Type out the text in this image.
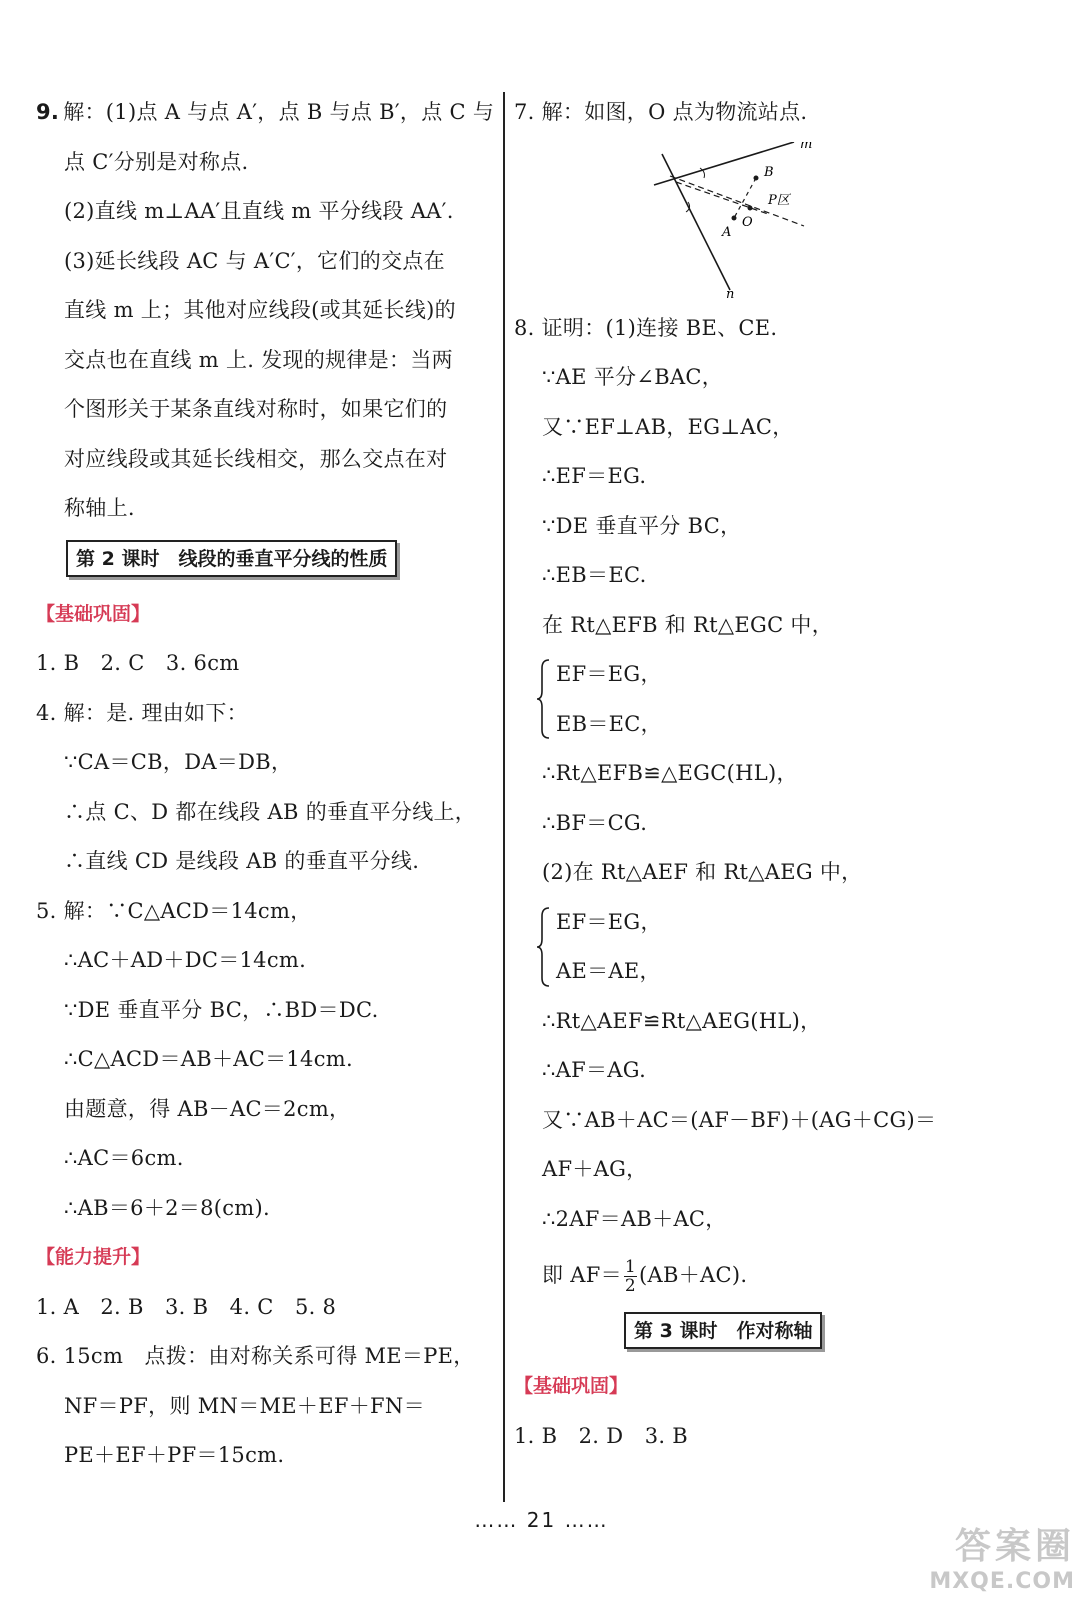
9. 解：(1)点 A 与点 A′，点 B 与点 B′，点 C 与
点 C′分别是对称点.
(2)直线 m⊥AA′且直线 m 平分线段 AA′.
(3)延长线段 AC 与 A′C′，它们的交点在
直线 m 上；其他对应线段(或其延长线)的
交点也在直线 m 上. 发现的规律是：当两
个图形关于某条直线对称时，如果它们的
对应线段或其延长线相交，那么交点在对
称轴上.
第 2 课时　线段的垂直平分线的性质
【基础巩固】
1. B　2. C　3. 6cm
4. 解：是. 理由如下：
∵CA＝CB，DA＝DB，
∴点 C、D 都在线段 AB 的垂直平分线上，
∴直线 CD 是线段 AB 的垂直平分线.
5. 解：∵C△ACD＝14cm，
∴AC＋AD＋DC＝14cm.
∵DE 垂直平分 BC，∴BD＝DC.
∴C△ACD＝AB＋AC＝14cm.
由题意，得 AB－AC＝2cm，
∴AC＝6cm.
∴AB＝6＋2＝8(cm).
【能力提升】
1. A　2. B　3. B　4. C　5. 8
6. 15cm　点拨：由对称关系可得 ME＝PE，
NF＝PF，则 MN＝ME＋EF＋FN＝
PE＋EF＋PF＝15cm.
7. 解：如图，O 点为物流站点.
m
n
B
A
O
P区
8. 证明：(1)连接 BE、CE.
∵AE 平分∠BAC，
又∵EF⊥AB，EG⊥AC，
∴EF＝EG.
∵DE 垂直平分 BC，
∴EB＝EC.
在 Rt△EFB 和 Rt△EGC 中，
EF＝EG，
EB＝EC，
∴Rt△EFB≌△EGC(HL)，
∴BF＝CG.
(2)在 Rt△AEF 和 Rt△AEG 中，
EF＝EG，
AE＝AE，
∴Rt△AEF≌Rt△AEG(HL)，
∴AF＝AG.
又∵AB＋AC＝(AF－BF)＋(AG＋CG)＝
AF＋AG，
∴2AF＝AB＋AC，
即 $AF= \frac{1}{2} (AB+AC)$.
第 3 课时　作对称轴
【基础巩固】
1. B　2. D　3. B
…… 21 ……
答案圈
MXQE.COM
